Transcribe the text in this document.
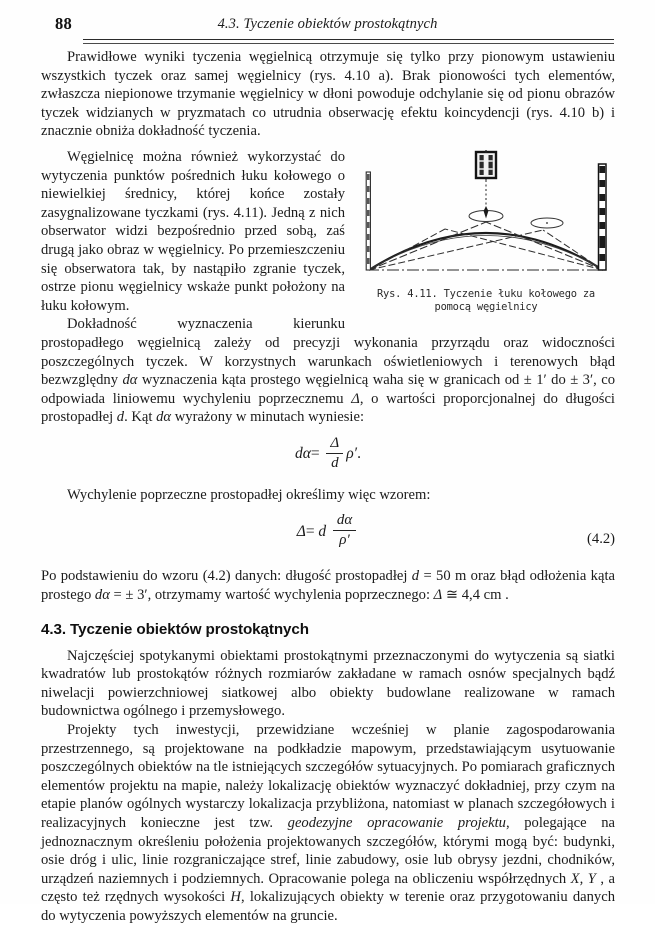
88	4.3. Tyczenie obiektów prostokątnych

Prawidłowe wyniki tyczenia węgielnicą otrzymuje się tylko przy pionowym ustawieniu wszystkich tyczek oraz samej węgielnicy (rys. 4.10 a). Brak pionowości tych elementów, zwłaszcza niepionowe trzymanie węgielnicy w dłoni powoduje odchylanie się od pionu obrazów tyczek widzianych w pryzmatach co utrudnia obserwację efektu koincydencji (rys. 4.10 b) i znacznie obniża dokładność tyczenia.

Rys. 4.11. Tyczenie łuku kołowego za
pomocą węgielnicy

Węgielnicę można również wykorzystać do wytyczenia punktów pośrednich łuku kołowego o niewielkiej średnicy, której końce zostały zasygnalizowane tyczkami (rys. 4.11). Jedną z nich obserwator widzi bezpośrednio przed sobą, zaś drugą jako obraz w węgielnicy. Po przemieszczeniu się obserwatora tak, by nastąpiło zgranie tyczek, ostrze pionu węgielnicy wskaże punkt położony na łuku kołowym.

Dokładność wyznaczenia kierunku prostopadłego węgielnicą zależy od precyzji wykonania przyrządu oraz widoczności poszczególnych tyczek. W korzystnych warunkach oświetleniowych i terenowych błąd bezwzględny dα wyznaczenia kąta prostego węgielnicą waha się w granicach od ± 1′ do ± 3′, co odpowiada liniowemu wychyleniu poprzecznemu Δ, o wartości proporcjonalnej do długości prostopadłej d. Kąt dα wyrażony w minutach wyniesie:

$d\alpha= \frac{\Delta}{d} \rho'$.

Wychylenie poprzeczne prostopadłej określimy więc wzorem:

Δ= d $\frac{d\alpha}{\rho'}$	(4.2)

Po podstawieniu do wzoru (4.2) danych: długość prostopadłej d = 50 m oraz błąd odłożenia kąta prostego dα = ± 3′, otrzymamy wartość wychylenia poprzecznego: Δ ≅ 4,4 cm .

4.3. Tyczenie obiektów prostokątnych

Najczęściej spotykanymi obiektami prostokątnymi przeznaczonymi do wytyczenia są siatki kwadratów lub prostokątów różnych rozmiarów zakładane w ramach osnów specjalnych bądź niwelacji powierzchniowej siatkowej albo obiekty budowlane realizowane w ramach budownictwa ogólnego i przemysłowego.

Projekty tych inwestycji, przewidziane wcześniej w planie zagospodarowania przestrzennego, są projektowane na podkładzie mapowym, przedstawiającym usytuowanie poszczególnych obiektów na tle istniejących szczegółów sytuacyjnych. Po pomiarach graficznych elementów projektu na mapie, należy lokalizację obiektów wyznaczyć dokładniej, przy czym na etapie planów ogólnych wystarczy lokalizacja przybliżona, natomiast w planach szczegółowych i realizacyjnych konieczne jest tzw. geodezyjne opracowanie projektu, polegające na jednoznacznym określeniu położenia projektowanych szczegółów, którymi mogą być: budynki, osie dróg i ulic, linie rozgraniczające stref, linie zabudowy, osie lub obrysy jezdni, chodników, urządzeń naziemnych i podziemnych. Opracowanie polega na obliczeniu współrzędnych X, Y , a często też rzędnych wysokości H, lokalizujących obiekty w terenie oraz przygotowaniu danych do wytyczenia powyższych elementów na gruncie.
